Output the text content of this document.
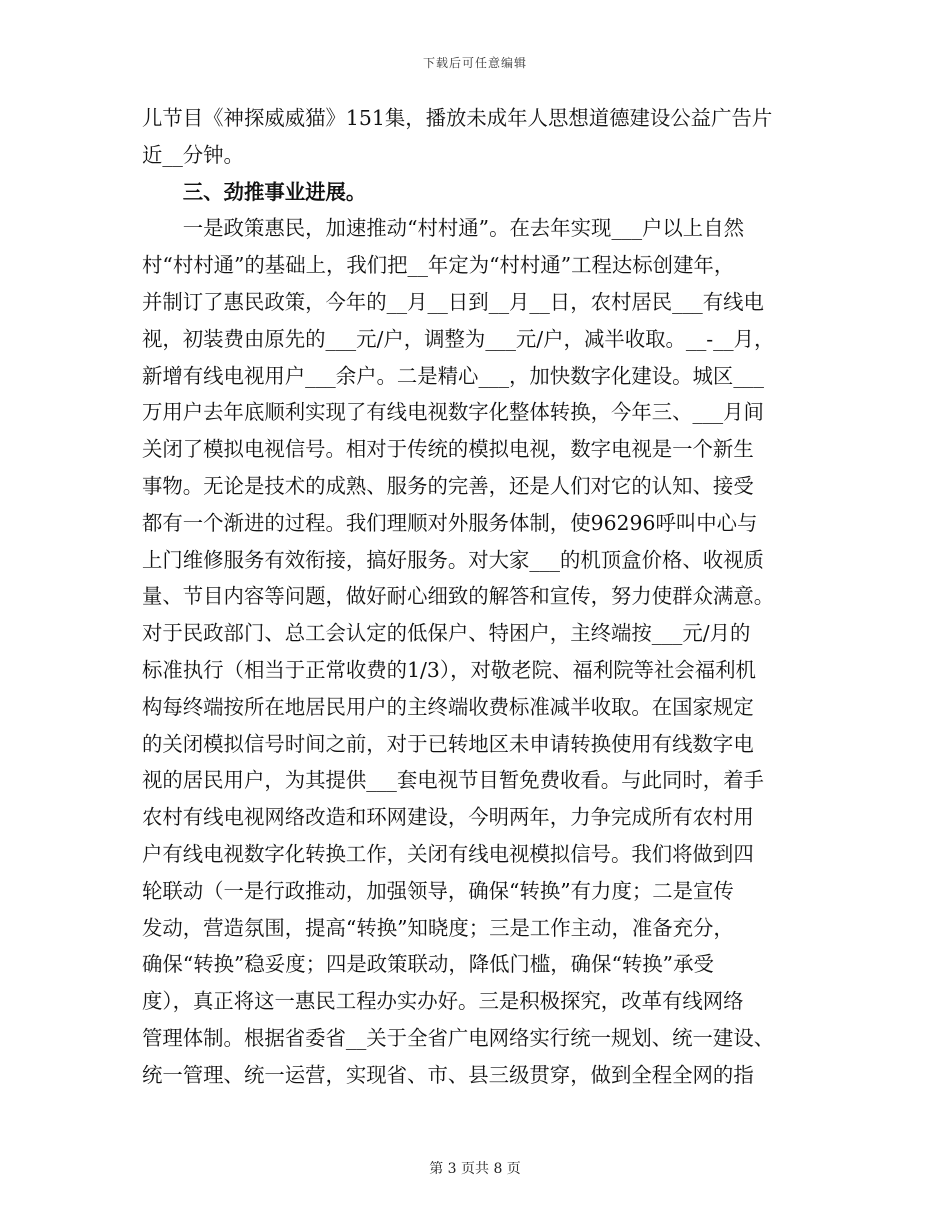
下载后可任意编辑
儿节目《神探威威猫》151集，播放未成年人思想道德建设公益广告片
近__分钟。
　　三、劲推事业进展。
　　一是政策惠民，加速推动“村村通”。在去年实现___户以上自然
村“村村通”的基础上，我们把__年定为“村村通”工程达标创建年，
并制订了惠民政策，今年的__月__日到__月__日，农村居民___有线电
视，初装费由原先的___元/户，调整为___元/户，减半收取。__-__月，
新增有线电视用户___余户。二是精心___，加快数字化建设。城区___
万用户去年底顺利实现了有线电视数字化整体转换，今年三、___月间
关闭了模拟电视信号。相对于传统的模拟电视，数字电视是一个新生
事物。无论是技术的成熟、服务的完善，还是人们对它的认知、接受
都有一个渐进的过程。我们理顺对外服务体制，使96296呼叫中心与
上门维修服务有效衔接，搞好服务。对大家___的机顶盒价格、收视质
量、节目内容等问题，做好耐心细致的解答和宣传，努力使群众满意。
对于民政部门、总工会认定的低保户、特困户，主终端按___元/月的
标准执行（相当于正常收费的1/3），对敬老院、福利院等社会福利机
构每终端按所在地居民用户的主终端收费标准减半收取。在国家规定
的关闭模拟信号时间之前，对于已转地区未申请转换使用有线数字电
视的居民用户，为其提供___套电视节目暂免费收看。与此同时，着手
农村有线电视网络改造和环网建设，今明两年，力争完成所有农村用
户有线电视数字化转换工作，关闭有线电视模拟信号。我们将做到四
轮联动（一是行政推动，加强领导，确保“转换”有力度；二是宣传
发动，营造氛围，提高“转换”知晓度；三是工作主动，准备充分，
确保“转换”稳妥度；四是政策联动，降低门槛，确保“转换”承受
度），真正将这一惠民工程办实办好。三是积极探究，改革有线网络
管理体制。根据省委省__关于全省广电网络实行统一规划、统一建设、
统一管理、统一运营，实现省、市、县三级贯穿，做到全程全网的指
第 3 页共 8 页
